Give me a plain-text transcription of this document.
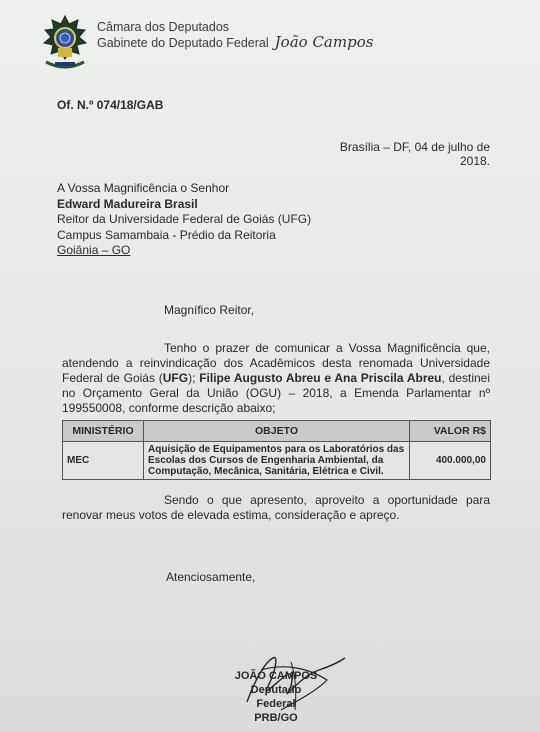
Câmara dos Deputados
Gabinete do Deputado Federal João Campos
Of. N.º 074/18/GAB
Brasília – DF, 04 de julho de 2018.
A Vossa Magnificência o Senhor
Edward Madureira Brasil
Reitor da Universidade Federal de Goiás (UFG)
Campus Samambaia - Prédio da Reitoria
Goiânia – GO
Magnífico Reitor,
Tenho o prazer de comunicar a Vossa Magnificência que, atendendo a reinvindicação dos Acadêmicos desta renomada Universidade Federal de Goiás (UFG); Filipe Augusto Abreu e Ana Priscila Abreu, destinei no Orçamento Geral da União (OGU) – 2018, a Emenda Parlamentar nº 199550008, conforme descrição abaixo;
MINISTÉRIO	OBJETO	VALOR R$
MEC	Aquisição de Equipamentos para os Laboratórios das Escolas dos Cursos de Engenharia Ambiental, da Computação, Mecânica, Sanitária, Elétrica e Civil.	400.000,00
Sendo o que apresento, aproveito a oportunidade para renovar meus votos de elevada estima, consideração e apreço.
Atenciosamente,
JOÃO CAMPOS
Deputado Federal
PRB/GO
